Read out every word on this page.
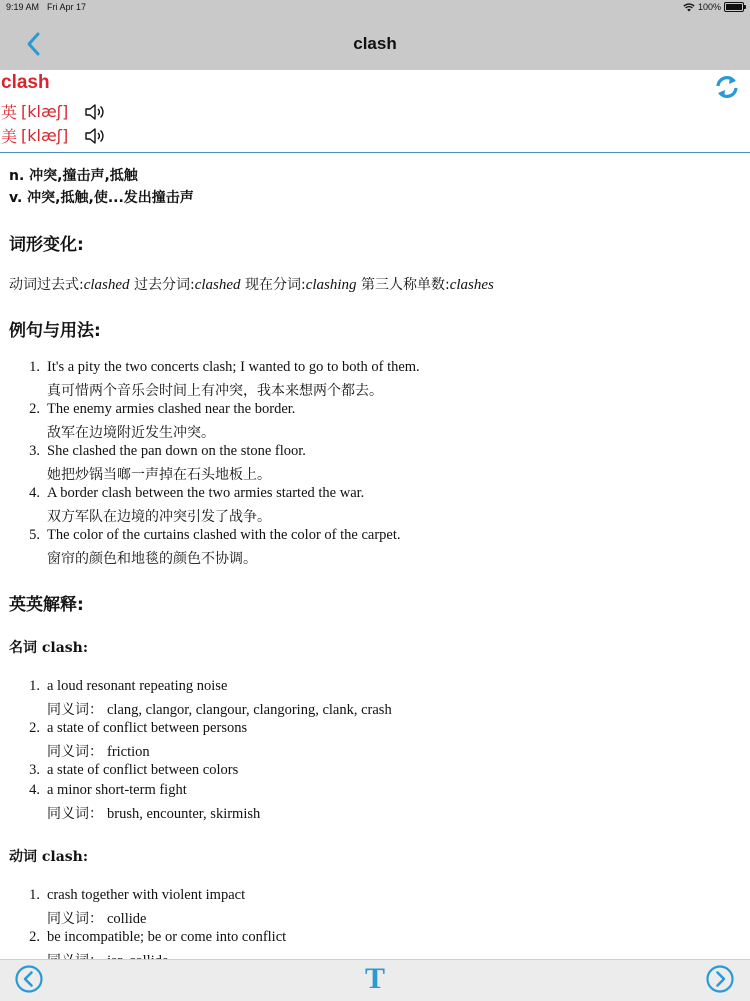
9:19 AM Fri Apr 17	100%
clash
clash
英 [klæʃ]
美 [klæʃ]
n. 冲突,撞击声,抵触
v. 冲突,抵触,使...发出撞击声
词形变化:
动词过去式:clashed 过去分词:clashed 现在分词:clashing 第三人称单数:clashes
例句与用法:
1. It's a pity the two concerts clash; I wanted to go to both of them.
真可惜两个音乐会时间上有冲突，我本来想两个都去。
2. The enemy armies clashed near the border.
敌军在边境附近发生冲突。
3. She clashed the pan down on the stone floor.
她把炒锅当啷一声掉在石头地板上。
4. A border clash between the two armies started the war.
双方军队在边境的冲突引发了战争。
5. The color of the curtains clashed with the color of the carpet.
窗帘的颜色和地毯的颜色不协调。
英英解释:
名词 clash:
1. a loud resonant repeating noise
同义词： clang, clangor, clangour, clangoring, clank, crash
2. a state of conflict between persons
同义词： friction
3. a state of conflict between colors
4. a minor short-term fight
同义词： brush, encounter, skirmish
动词 clash:
1. crash together with violent impact
同义词： collide
2. be incompatible; be or come into conflict
T
